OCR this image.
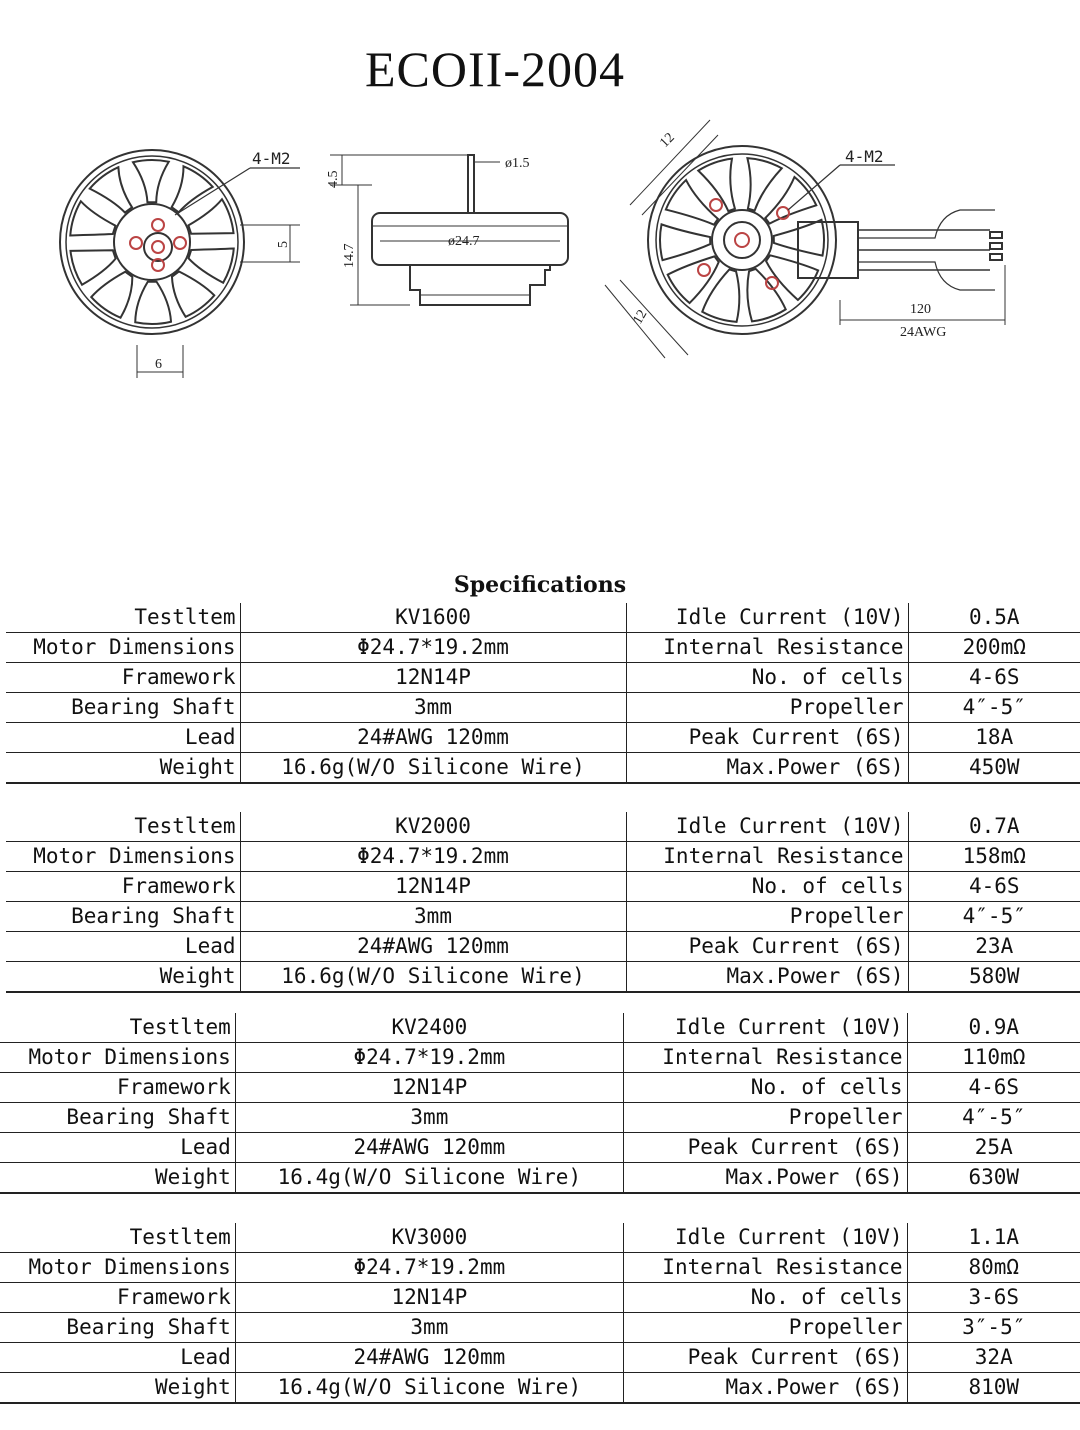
ECOII-2004
4-M2
5
6
4.5
ø1.5
14.7
ø24.7
12
12
4-M2
120
24AWG
Specifications
Testltem	KV1600	Idle Current (10V)	0.5A
Motor Dimensions	Φ24.7*19.2mm	Internal Resistance	200mΩ
Framework	12N14P	No. of cells	4-6S
Bearing Shaft	3mm	Propeller	4″-5″
Lead	24#AWG 120mm	Peak Current (6S)	18A
Weight	16.6g(W/O Silicone Wire)	Max.Power (6S)	450W
Testltem	KV2000	Idle Current (10V)	0.7A
Motor Dimensions	Φ24.7*19.2mm	Internal Resistance	158mΩ
Framework	12N14P	No. of cells	4-6S
Bearing Shaft	3mm	Propeller	4″-5″
Lead	24#AWG 120mm	Peak Current (6S)	23A
Weight	16.6g(W/O Silicone Wire)	Max.Power (6S)	580W
Testltem	KV2400	Idle Current (10V)	0.9A
Motor Dimensions	Φ24.7*19.2mm	Internal Resistance	110mΩ
Framework	12N14P	No. of cells	4-6S
Bearing Shaft	3mm	Propeller	4″-5″
Lead	24#AWG 120mm	Peak Current (6S)	25A
Weight	16.4g(W/O Silicone Wire)	Max.Power (6S)	630W
Testltem	KV3000	Idle Current (10V)	1.1A
Motor Dimensions	Φ24.7*19.2mm	Internal Resistance	80mΩ
Framework	12N14P	No. of cells	3-6S
Bearing Shaft	3mm	Propeller	3″-5″
Lead	24#AWG 120mm	Peak Current (6S)	32A
Weight	16.4g(W/O Silicone Wire)	Max.Power (6S)	810W
